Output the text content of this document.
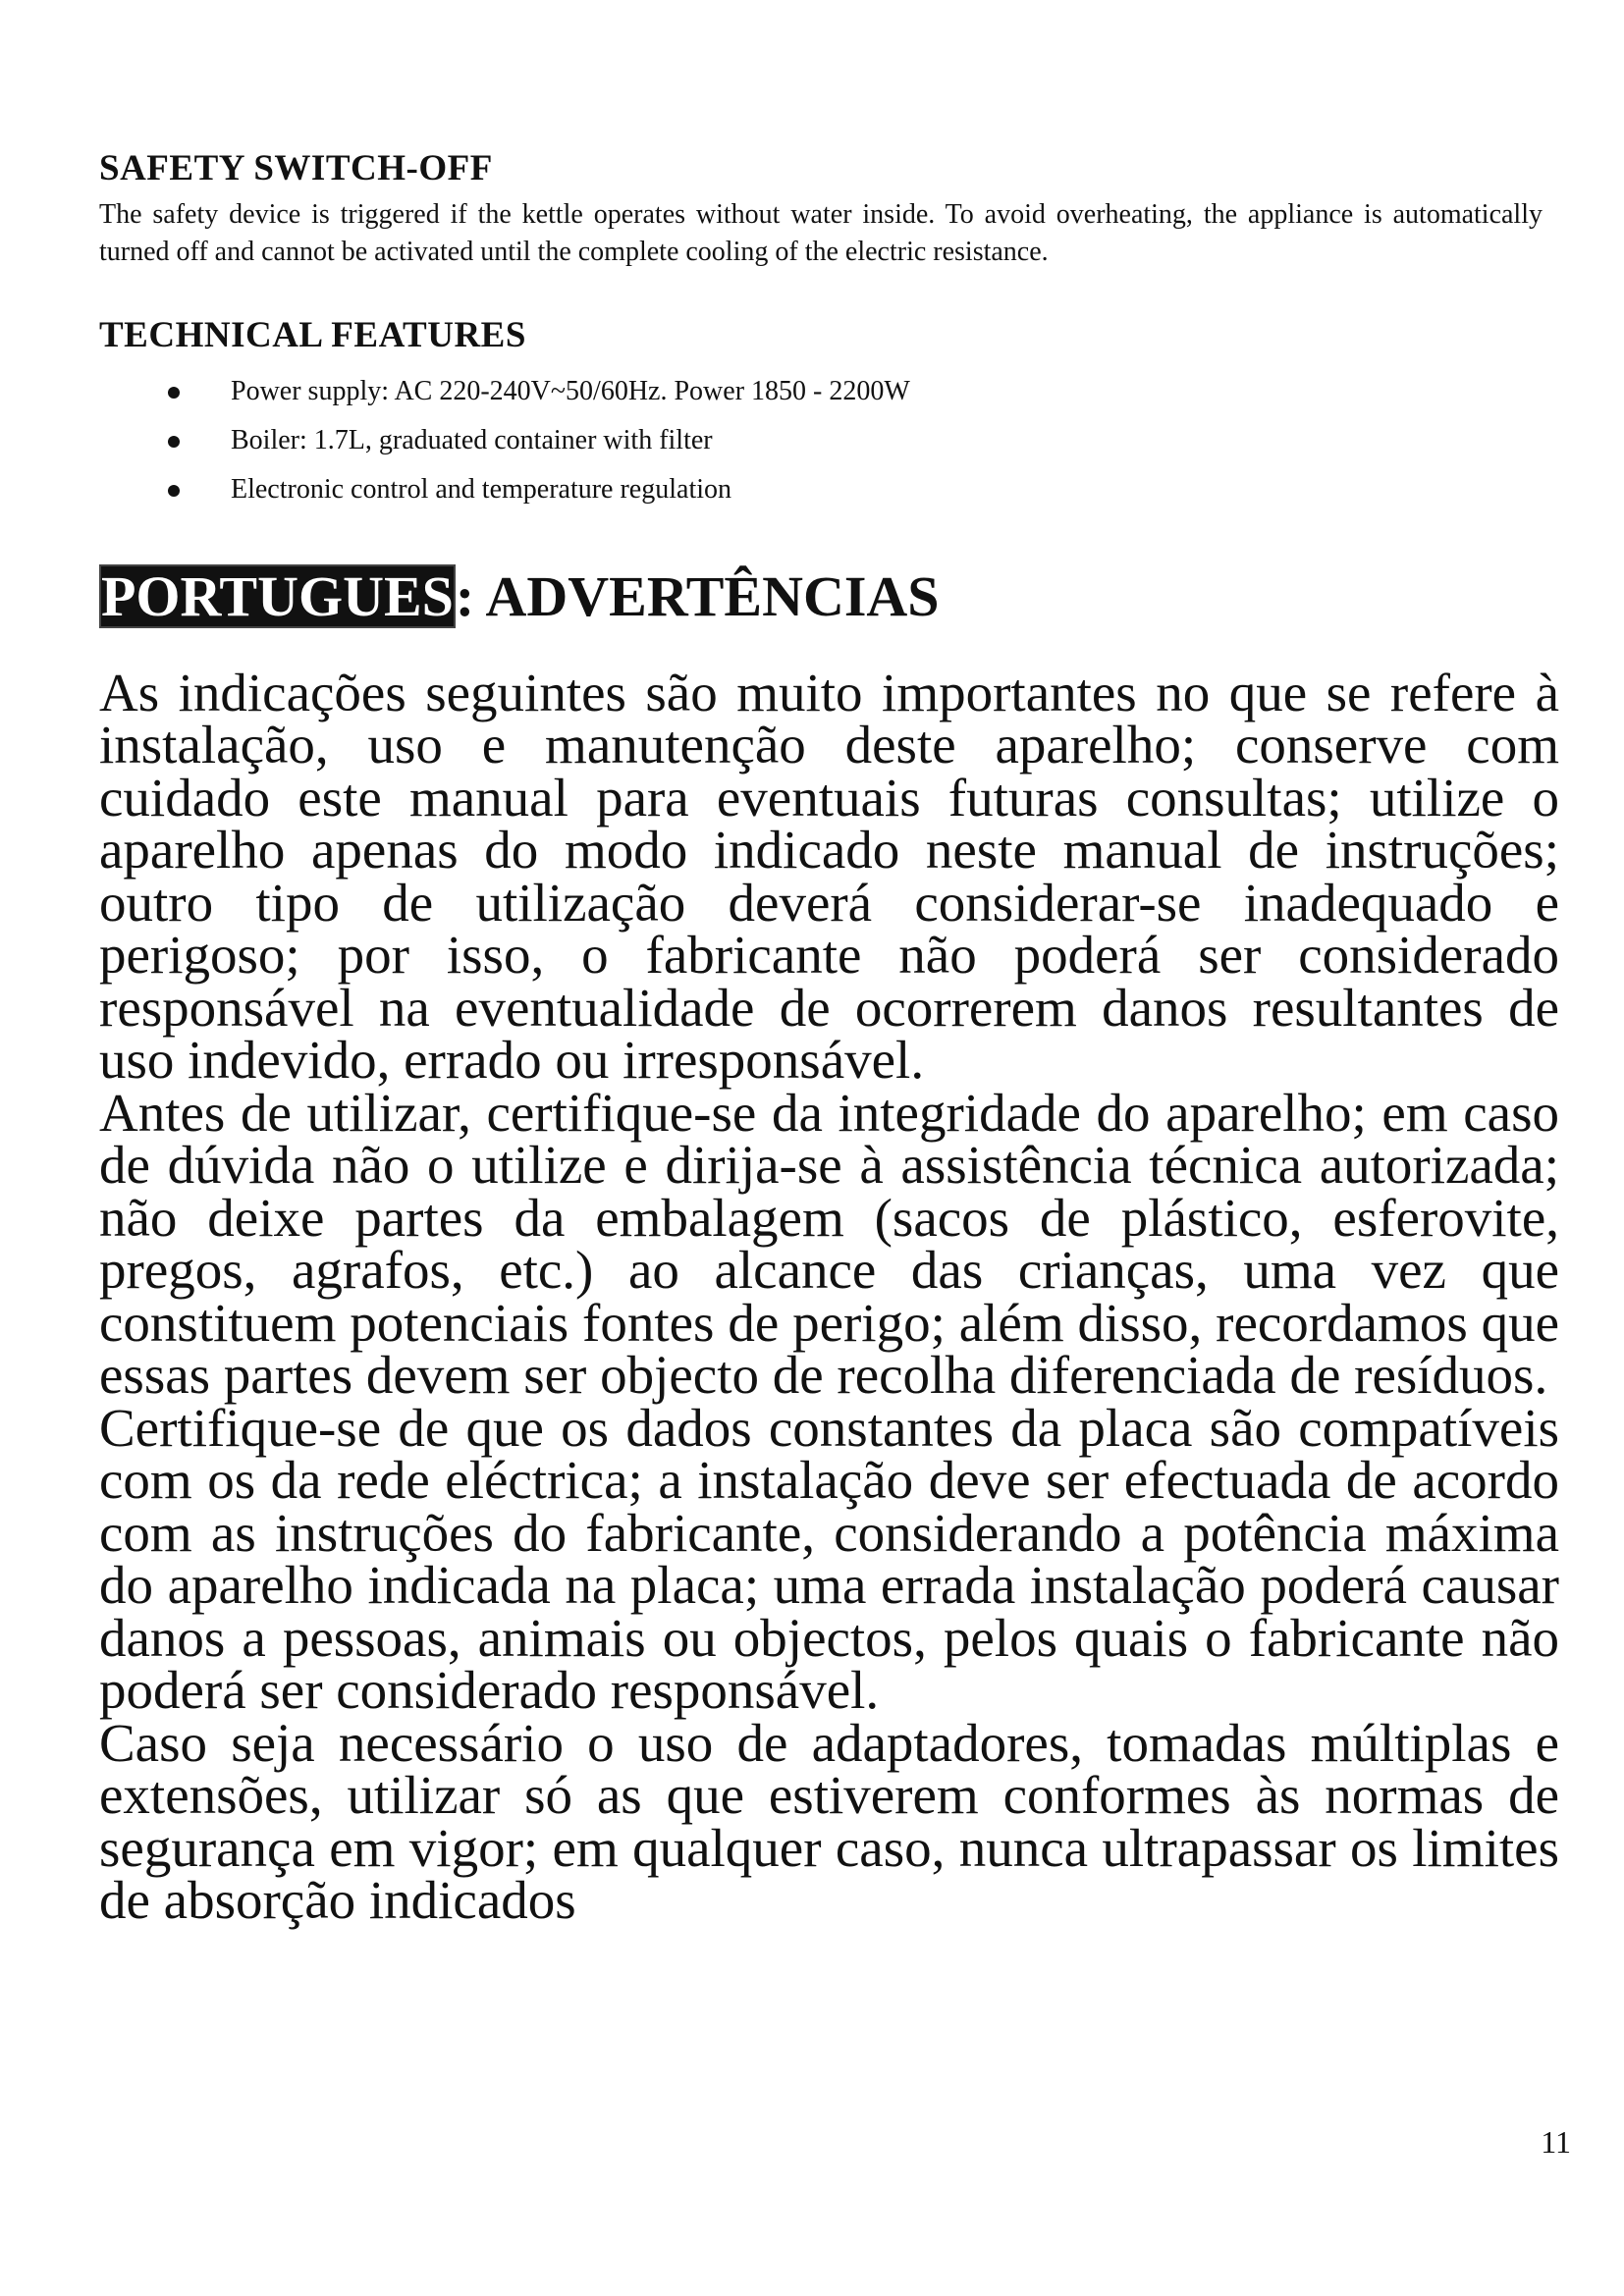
SAFETY SWITCH-OFF

The safety device is triggered if the kettle operates without water inside. To avoid overheating, the appliance is automatically turned off and cannot be activated until the complete cooling of the electric resistance.

TECHNICAL FEATURES
Power supply: AC 220-240V~50/60Hz. Power 1850 - 2200W
Boiler: 1.7L, graduated container with filter
Electronic control and temperature regulation
PORTUGUES: ADVERTÊNCIAS

As indicações seguintes são muito importantes no que se refere à instalação, uso e manutenção deste aparelho; conserve com cuidado este manual para eventuais futuras consultas; utilize o aparelho apenas do modo indicado neste manual de instruções; outro tipo de utilização deverá considerar-se inadequado e perigoso; por isso, o fabricante não poderá ser considerado responsável na eventualidade de ocorrerem danos resultantes de uso indevido, errado ou irresponsável.

Antes de utilizar, certifique-se da integridade do aparelho; em caso de dúvida não o utilize e dirija-se à assistência técnica autorizada; não deixe partes da embalagem (sacos de plástico, esferovite, pregos, agrafos, etc.) ao alcance das crianças, uma vez que constituem potenciais fontes de perigo; além disso, recordamos que essas partes devem ser objecto de recolha diferenciada de resíduos.

Certifique-se de que os dados constantes da placa são compatíveis com os da rede eléctrica; a instalação deve ser efectuada de acordo com as instruções do fabricante, considerando a potência máxima do aparelho indicada na placa; uma errada instalação poderá causar danos a pessoas, animais ou objectos, pelos quais o fabricante não poderá ser considerado responsável.

Caso seja necessário o uso de adaptadores, tomadas múltiplas e extensões, utilizar só as que estiverem conformes às normas de segurança em vigor; em qualquer caso, nunca ultrapassar os limites de absorção indicados

11
